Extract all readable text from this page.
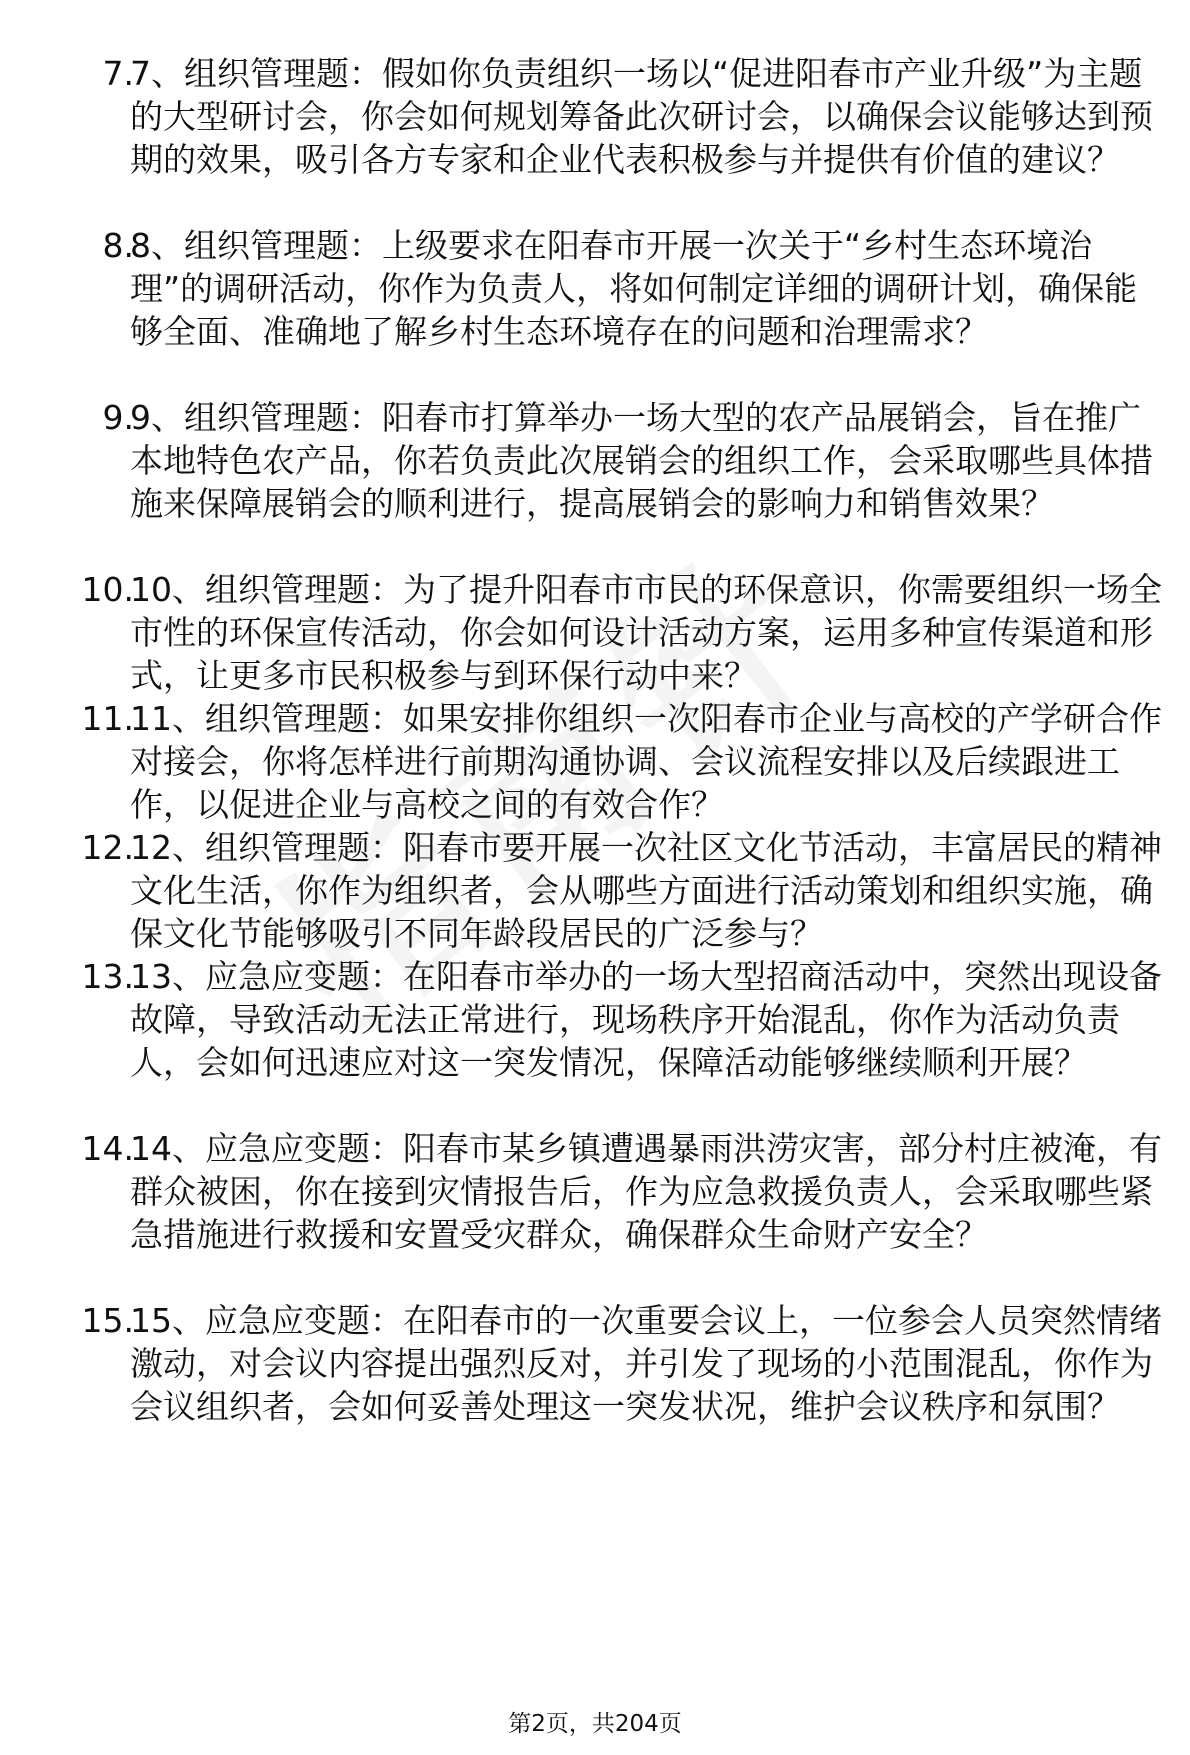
7.

7、组织管理题：假如你负责组织一场以“促进阳春市产业升级”为主题的大型研讨会，你会如何规划筹备此次研讨会，以确保会议能够达到预期的效果，吸引各方专家和企业代表积极参与并提供有价值的建议？

8.

8、组织管理题：上级要求在阳春市开展一次关于“乡村生态环境治理”的调研活动，你作为负责人，将如何制定详细的调研计划，确保能够全面、准确地了解乡村生态环境存在的问题和治理需求？

9.

9、组织管理题：阳春市打算举办一场大型的农产品展销会，旨在推广本地特色农产品，你若负责此次展销会的组织工作，会采取哪些具体措施来保障展销会的顺利进行，提高展销会的影响力和销售效果？

10.

10、组织管理题：为了提升阳春市市民的环保意识，你需要组织一场全市性的环保宣传活动，你会如何设计活动方案，运用多种宣传渠道和形式，让更多市民积极参与到环保行动中来？

11.

11、组织管理题：如果安排你组织一次阳春市企业与高校的产学研合作对接会，你将怎样进行前期沟通协调、会议流程安排以及后续跟进工作，以促进企业与高校之间的有效合作？

12.

12、组织管理题：阳春市要开展一次社区文化节活动，丰富居民的精神文化生活，你作为组织者，会从哪些方面进行活动策划和组织实施，确保文化节能够吸引不同年龄段居民的广泛参与？

13.

13、应急应变题：在阳春市举办的一场大型招商活动中，突然出现设备故障，导致活动无法正常进行，现场秩序开始混乱，你作为活动负责人，会如何迅速应对这一突发情况，保障活动能够继续顺利开展？

14.

14、应急应变题：阳春市某乡镇遭遇暴雨洪涝灾害，部分村庄被淹，有群众被困，你在接到灾情报告后，作为应急救援负责人，会采取哪些紧急措施进行救援和安置受灾群众，确保群众生命财产安全？

15.

15、应急应变题：在阳春市的一次重要会议上，一位参会人员突然情绪激动，对会议内容提出强烈反对，并引发了现场的小范围混乱，你作为会议组织者，会如何妥善处理这一突发状况，维护会议秩序和氛围？

第2页，共204页
